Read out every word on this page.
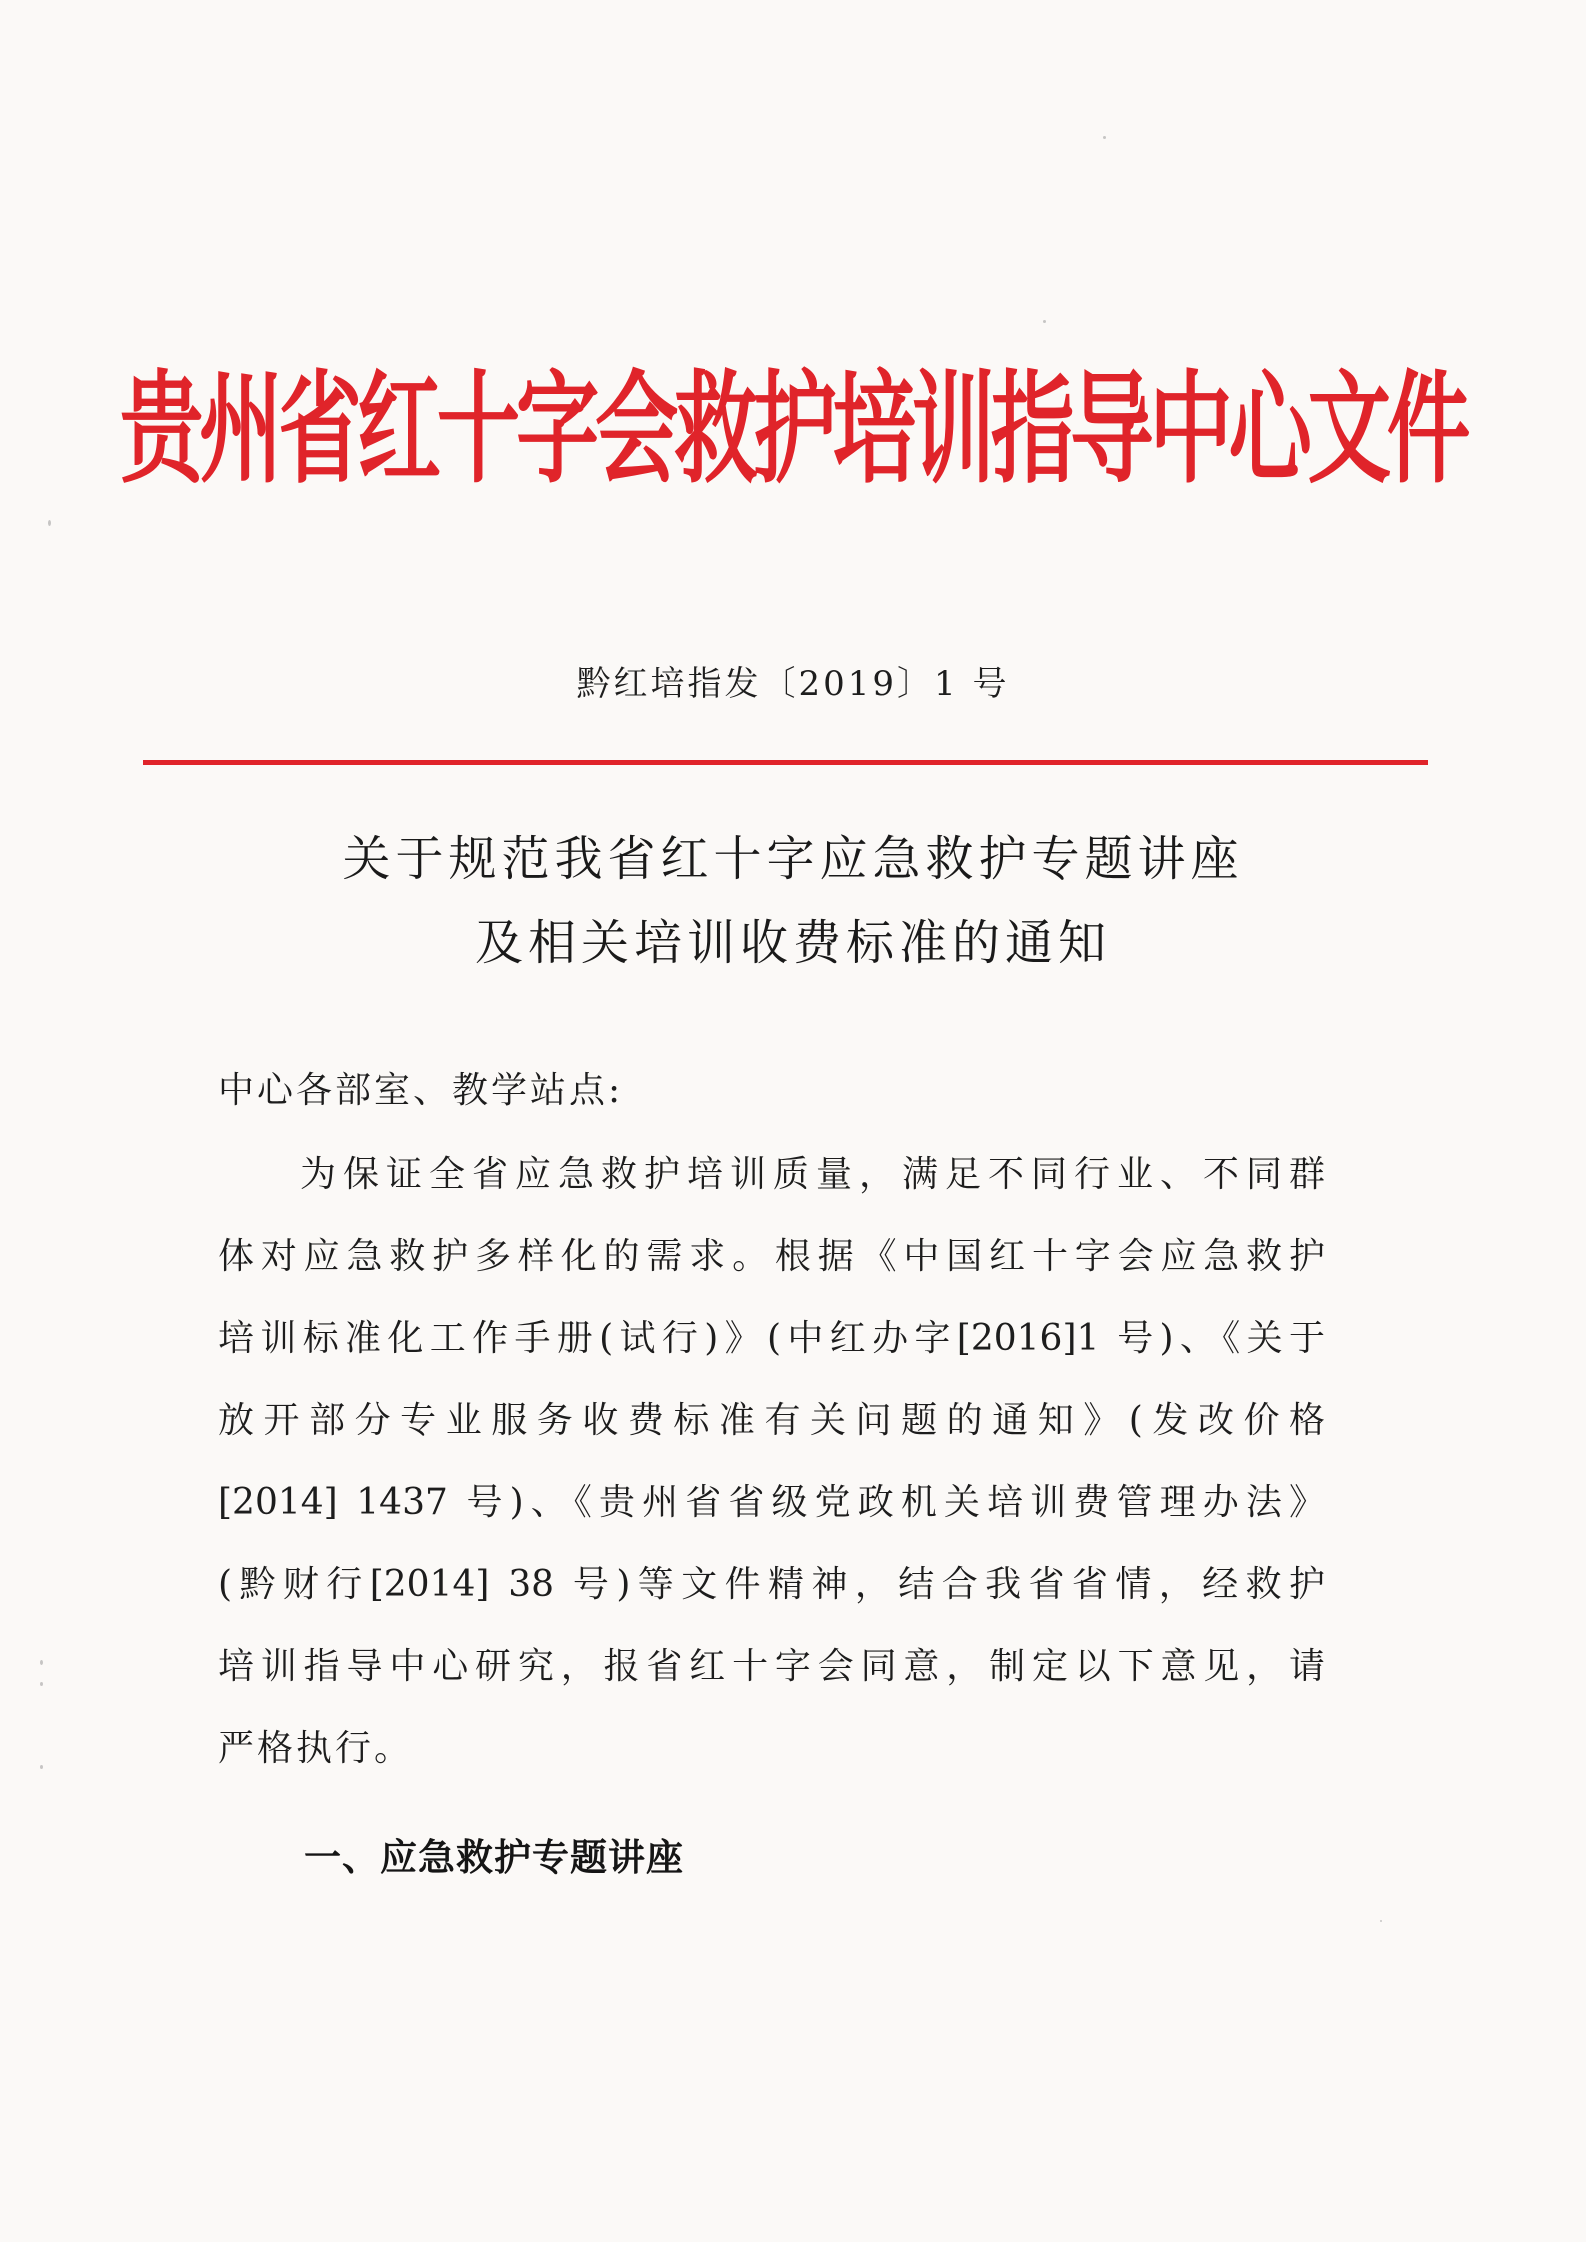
贵州省红十字会救护培训指导中心文件
黔红培指发〔2019〕1 号
关于规范我省红十字应急救护专题讲座
及相关培训收费标准的通知
中心各部室、教学站点:
为保证全省应急救护培训质量，满足不同行业、不同群
体对应急救护多样化的需求。根据《中国红十字会应急救护
培训标准化工作手册(试行)》(中红办字[2016]1 号)、《关于
放开部分专业服务收费标准有关问题的通知》(发改价格
[2014] 1437 号)、《贵州省省级党政机关培训费管理办法》
(黔财行[2014] 38 号)等文件精神，结合我省省情，经救护
培训指导中心研究，报省红十字会同意，制定以下意见，请
严格执行。
一、应急救护专题讲座
